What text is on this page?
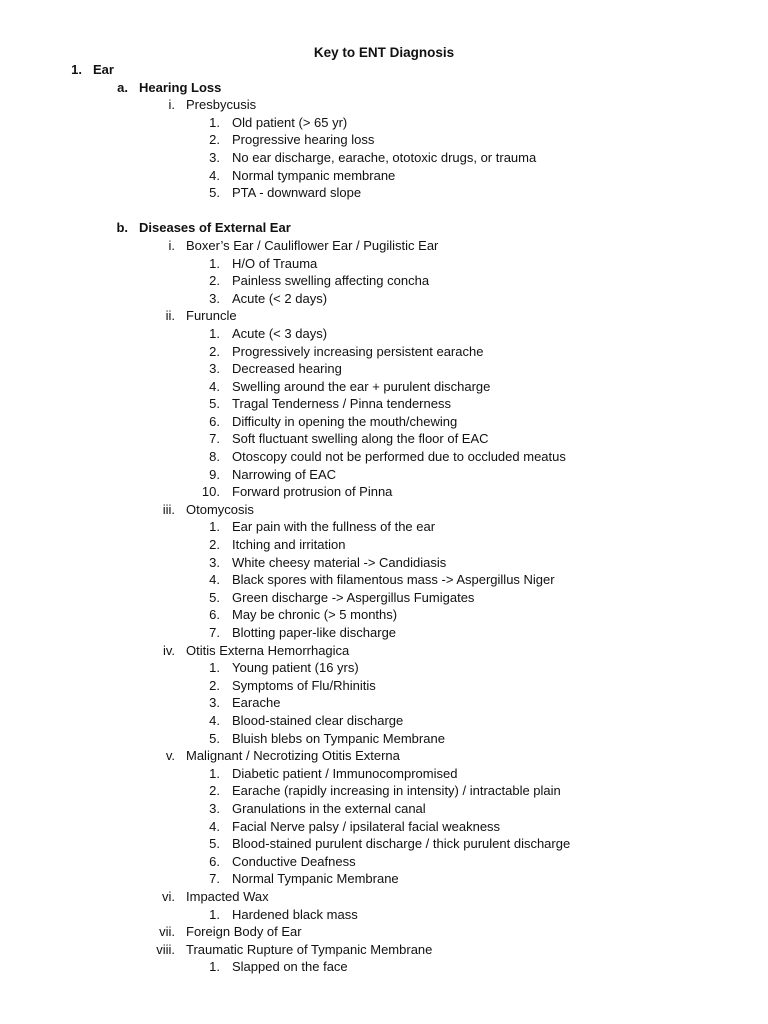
Key to ENT Diagnosis
1. Ear
a. Hearing Loss
i. Presbycusis
1. Old patient (> 65 yr)
2. Progressive hearing loss
3. No ear discharge, earache, ototoxic drugs, or trauma
4. Normal tympanic membrane
5. PTA - downward slope
b. Diseases of External Ear
i. Boxer’s Ear / Cauliflower Ear / Pugilistic Ear
1. H/O of Trauma
2. Painless swelling affecting concha
3. Acute (< 2 days)
ii. Furuncle
1. Acute (< 3 days)
2. Progressively increasing persistent earache
3. Decreased hearing
4. Swelling around the ear + purulent discharge
5. Tragal Tenderness / Pinna tenderness
6. Difficulty in opening the mouth/chewing
7. Soft fluctuant swelling along the floor of EAC
8. Otoscopy could not be performed due to occluded meatus
9. Narrowing of EAC
10. Forward protrusion of Pinna
iii. Otomycosis
1. Ear pain with the fullness of the ear
2. Itching and irritation
3. White cheesy material -> Candidiasis
4. Black spores with filamentous mass -> Aspergillus Niger
5. Green discharge -> Aspergillus Fumigates
6. May be chronic (> 5 months)
7. Blotting paper-like discharge
iv. Otitis Externa Hemorrhagica
1. Young patient (16 yrs)
2. Symptoms of Flu/Rhinitis
3. Earache
4. Blood-stained clear discharge
5. Bluish blebs on Tympanic Membrane
v. Malignant / Necrotizing Otitis Externa
1. Diabetic patient / Immunocompromised
2. Earache (rapidly increasing in intensity) / intractable plain
3. Granulations in the external canal
4. Facial Nerve palsy / ipsilateral facial weakness
5. Blood-stained purulent discharge / thick purulent discharge
6. Conductive Deafness
7. Normal Tympanic Membrane
vi. Impacted Wax
1. Hardened black mass
vii. Foreign Body of Ear
viii. Traumatic Rupture of Tympanic Membrane
1. Slapped on the face
